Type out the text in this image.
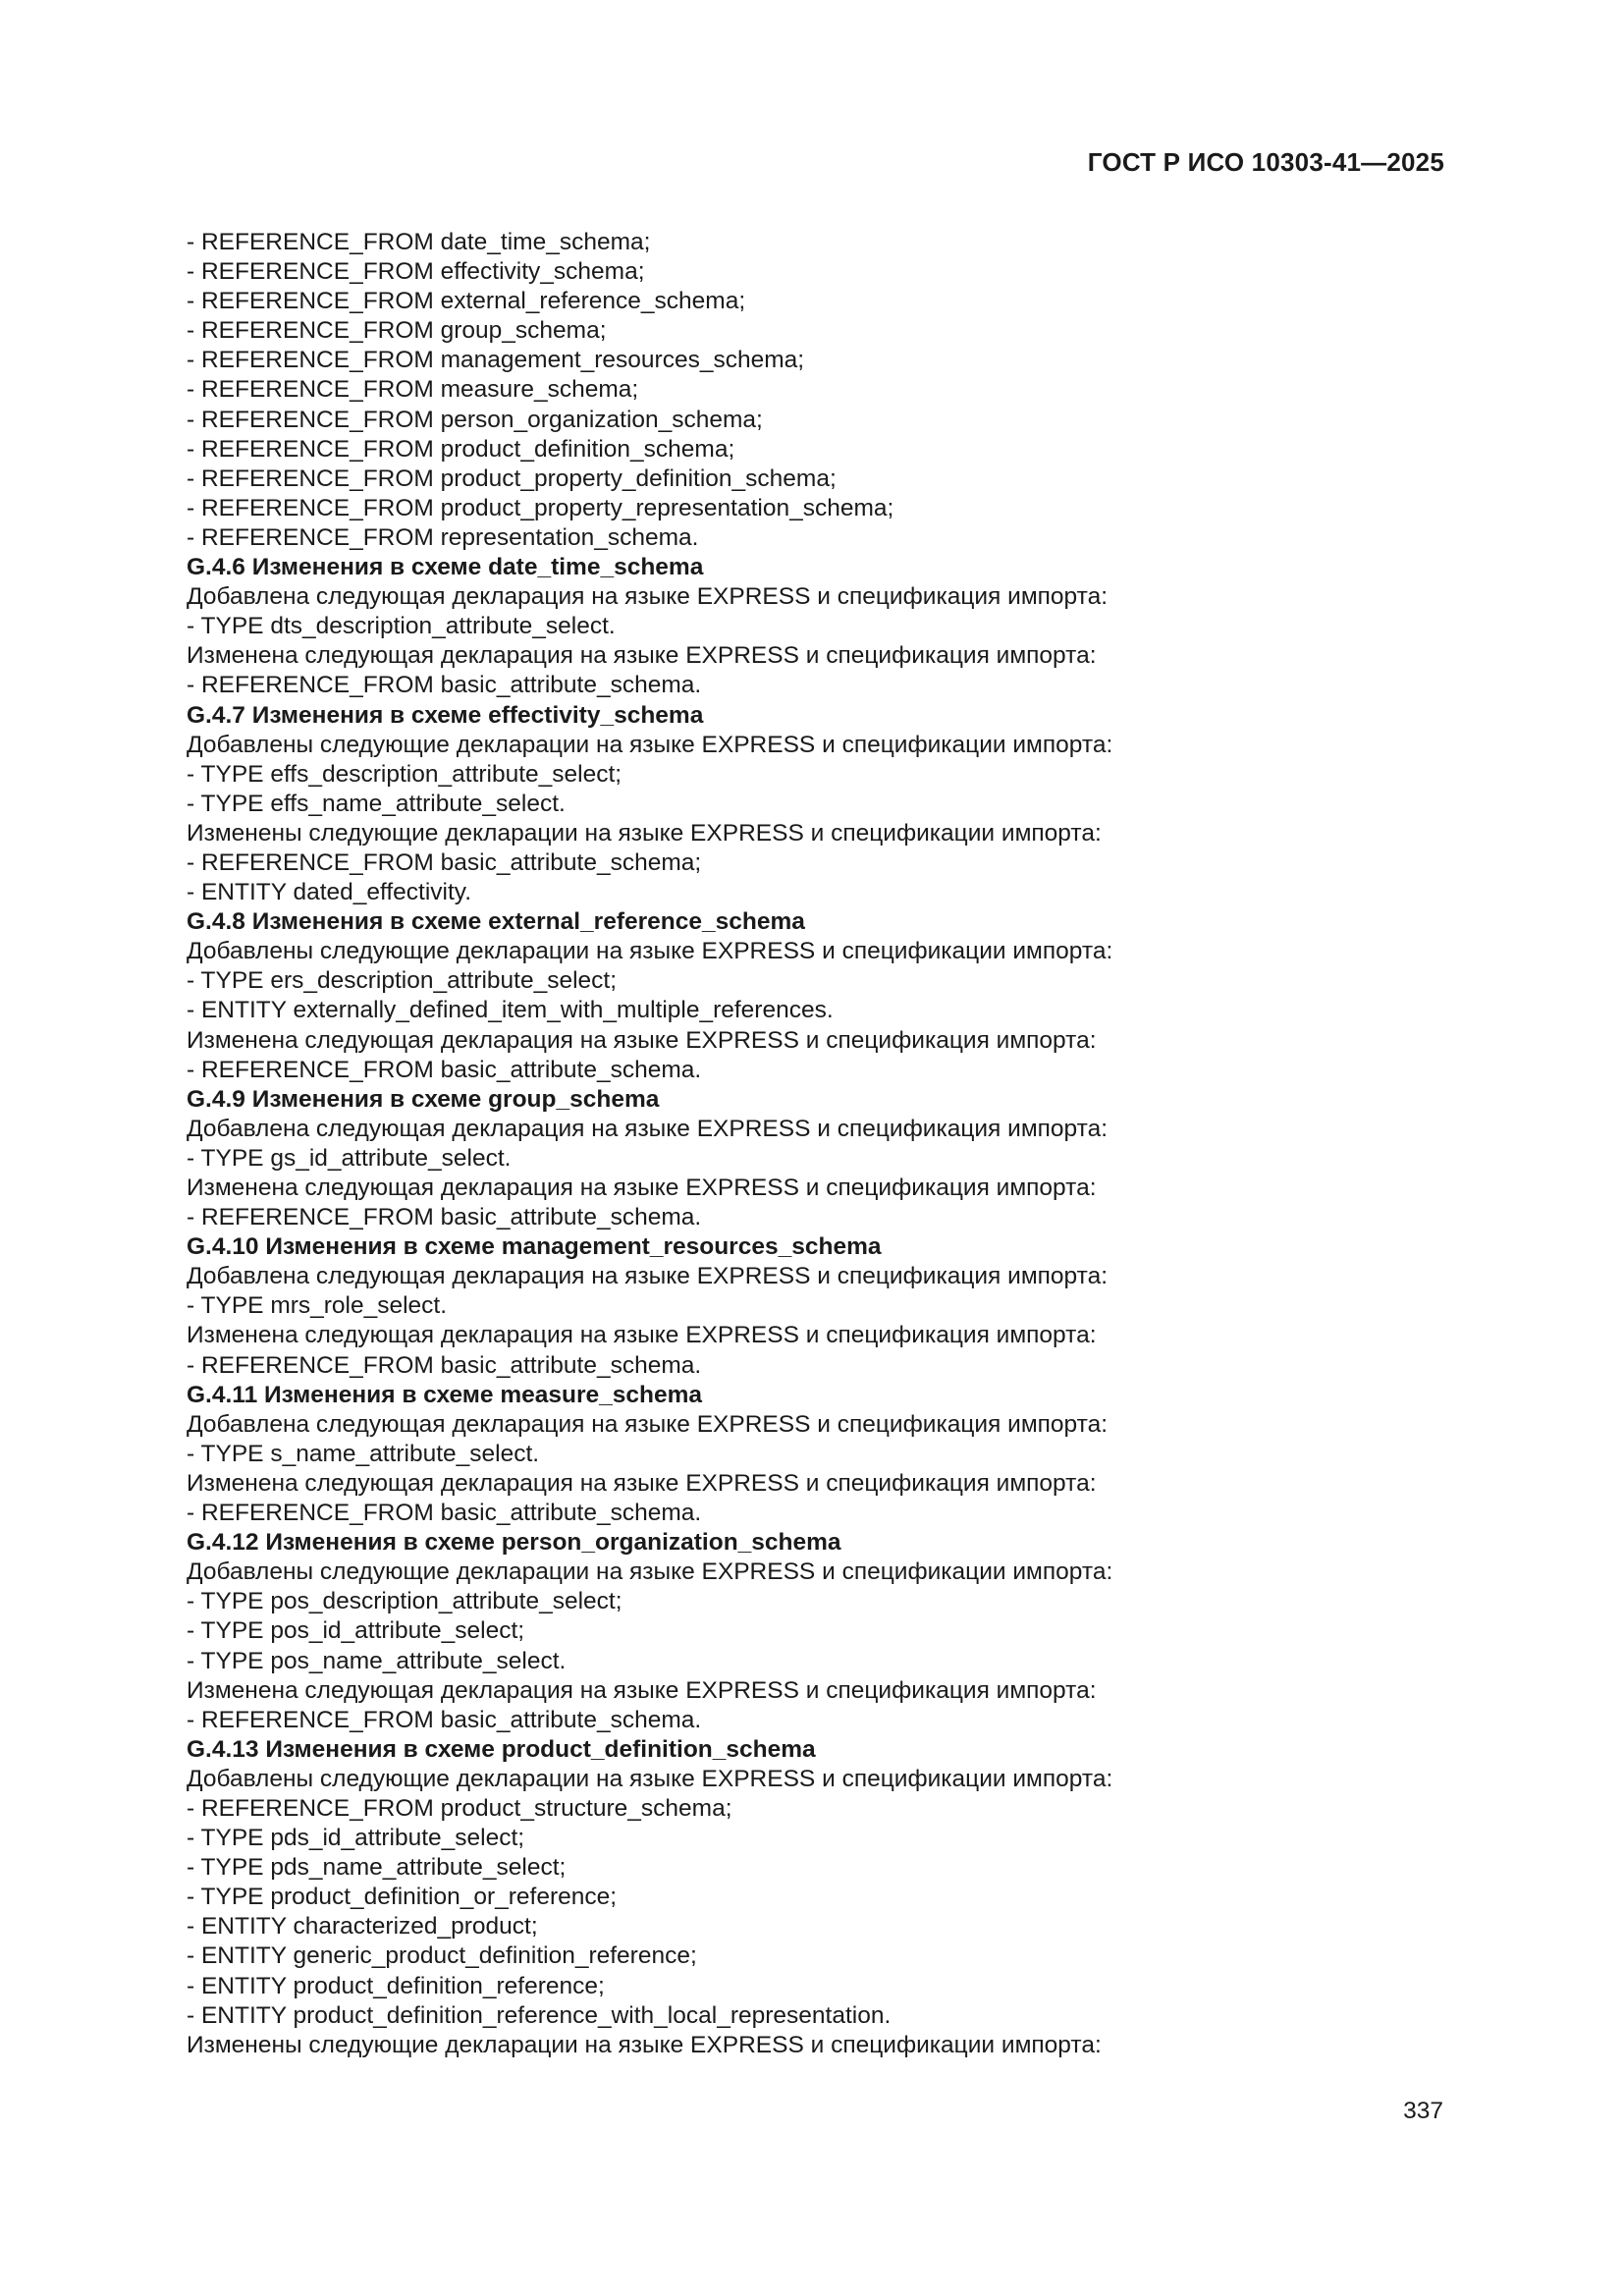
ГОСТ Р ИСО 10303-41—2025
- REFERENCE_FROM date_time_schema;
- REFERENCE_FROM effectivity_schema;
- REFERENCE_FROM external_reference_schema;
- REFERENCE_FROM group_schema;
- REFERENCE_FROM management_resources_schema;
- REFERENCE_FROM measure_schema;
- REFERENCE_FROM person_organization_schema;
- REFERENCE_FROM product_definition_schema;
- REFERENCE_FROM product_property_definition_schema;
- REFERENCE_FROM product_property_representation_schema;
- REFERENCE_FROM representation_schema.
G.4.6 Изменения в схеме date_time_schema
Добавлена следующая декларация на языке EXPRESS и спецификация импорта:
- TYPE dts_description_attribute_select.
Изменена следующая декларация на языке EXPRESS и спецификация импорта:
- REFERENCE_FROM basic_attribute_schema.
G.4.7 Изменения в схеме effectivity_schema
Добавлены следующие декларации на языке EXPRESS и спецификации импорта:
- TYPE effs_description_attribute_select;
- TYPE effs_name_attribute_select.
Изменены следующие декларации на языке EXPRESS и спецификации импорта:
- REFERENCE_FROM basic_attribute_schema;
- ENTITY dated_effectivity.
G.4.8 Изменения в схеме external_reference_schema
Добавлены следующие декларации на языке EXPRESS и спецификации импорта:
- TYPE ers_description_attribute_select;
- ENTITY externally_defined_item_with_multiple_references.
Изменена следующая декларация на языке EXPRESS и спецификация импорта:
- REFERENCE_FROM basic_attribute_schema.
G.4.9 Изменения в схеме group_schema
Добавлена следующая декларация на языке EXPRESS и спецификация импорта:
- TYPE gs_id_attribute_select.
Изменена следующая декларация на языке EXPRESS и спецификация импорта:
- REFERENCE_FROM basic_attribute_schema.
G.4.10 Изменения в схеме management_resources_schema
Добавлена следующая декларация на языке EXPRESS и спецификация импорта:
- TYPE mrs_role_select.
Изменена следующая декларация на языке EXPRESS и спецификация импорта:
- REFERENCE_FROM basic_attribute_schema.
G.4.11 Изменения в схеме measure_schema
Добавлена следующая декларация на языке EXPRESS и спецификация импорта:
- TYPE s_name_attribute_select.
Изменена следующая декларация на языке EXPRESS и спецификация импорта:
- REFERENCE_FROM basic_attribute_schema.
G.4.12 Изменения в схеме person_organization_schema
Добавлены следующие декларации на языке EXPRESS и спецификации импорта:
- TYPE pos_description_attribute_select;
- TYPE pos_id_attribute_select;
- TYPE pos_name_attribute_select.
Изменена следующая декларация на языке EXPRESS и спецификация импорта:
- REFERENCE_FROM basic_attribute_schema.
G.4.13 Изменения в схеме product_definition_schema
Добавлены следующие декларации на языке EXPRESS и спецификации импорта:
- REFERENCE_FROM product_structure_schema;
- TYPE pds_id_attribute_select;
- TYPE pds_name_attribute_select;
- TYPE product_definition_or_reference;
- ENTITY characterized_product;
- ENTITY generic_product_definition_reference;
- ENTITY product_definition_reference;
- ENTITY product_definition_reference_with_local_representation.
Изменены следующие декларации на языке EXPRESS и спецификации импорта:
337
